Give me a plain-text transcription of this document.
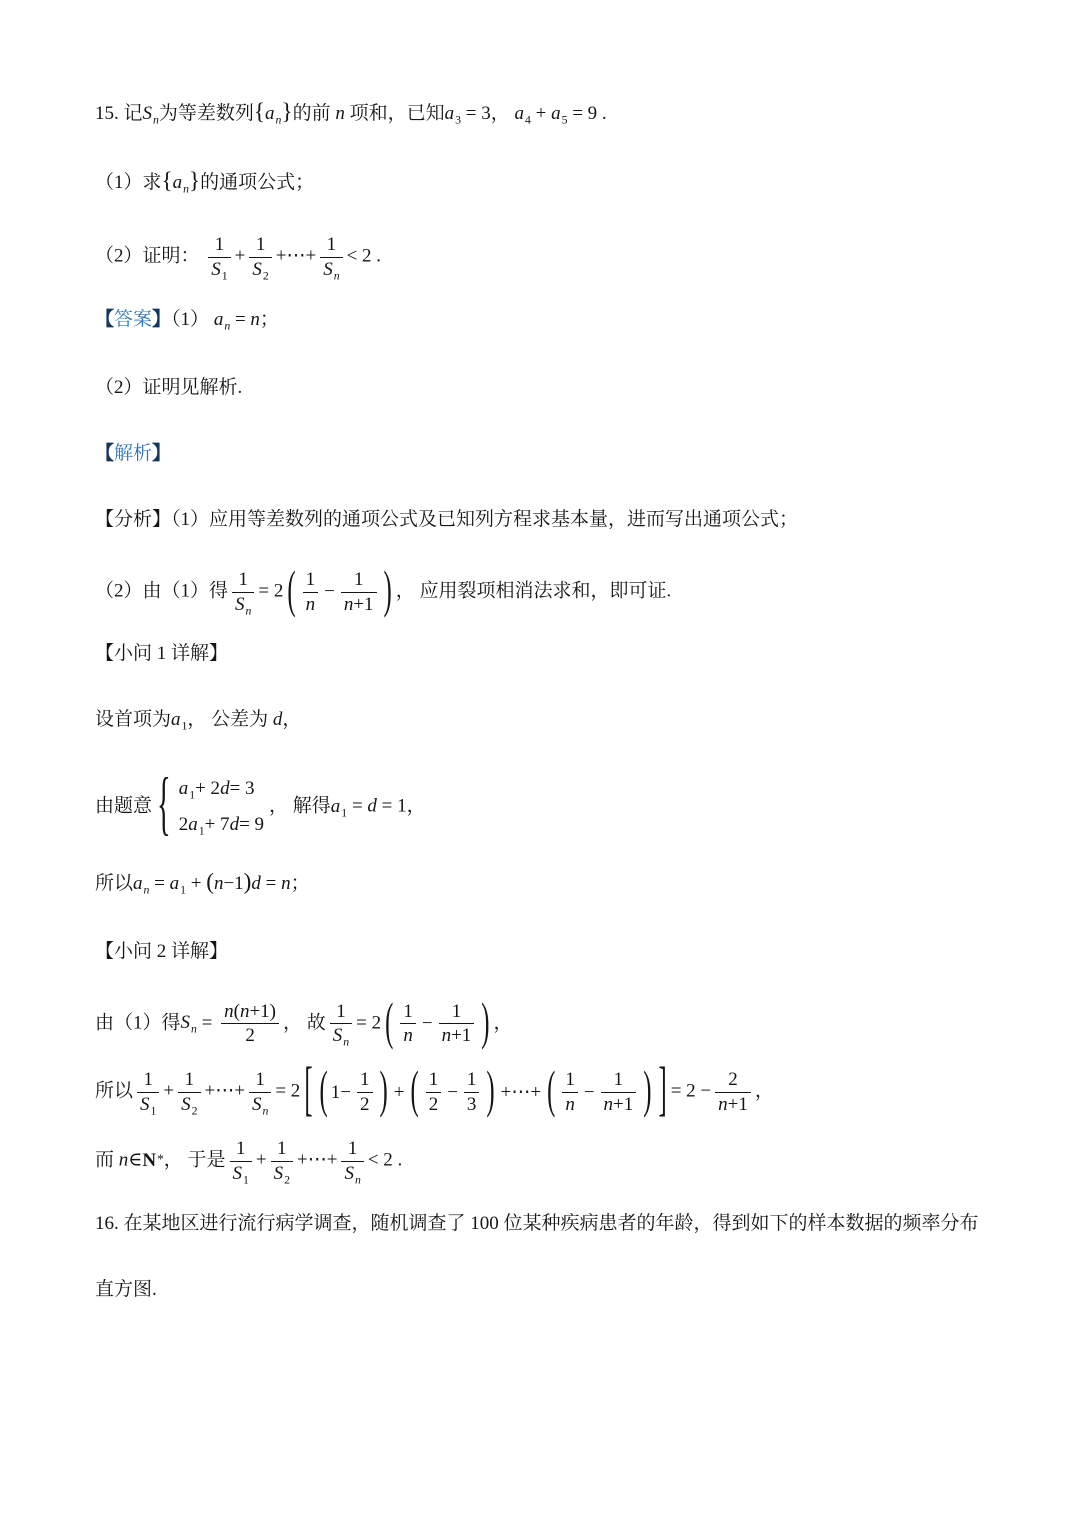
15. 记Sn为等差数列{an}的前 n 项和，已知a3 = 3， a4 + a5 = 9 .
（1）求{an}的通项公式；
（2）证明： $\frac{1}{S1} + \frac{1}{S2}$ +⋯+ $\frac{1}{Sn} < 2$ .
【答案】（1） an = n；
（2）证明见解析.
【解析】
【分析】（1）应用等差数列的通项公式及已知列方程求基本量，进而写出通项公式；
（2）由（1）得 $\frac{1}{Sn} = 2$ ( $\frac{1}{n} - \frac{1}{n +1}$ ) ， 应用裂项相消法求和，即可证.
【小问 1 详解】
设首项为a1， 公差为 d，
由题意 { a1 + 2 d = 3
2 a1 + 7 d = 9
， 解得a1 = d = 1，
所以an = a1 + (n−1)d = n；
【小问 2 详解】
由（1）得$Sn = \frac{n ( n +1 )}{2}$ ， 故 $\frac{1}{Sn} = 2$ ( $\frac{1}{n} - \frac{1}{n +1}$ ) ，
所以 $\frac{1}{S1} + \frac{1}{S2}$ +⋯+ $\frac{1}{Sn} = 2$ [ ( $1- \frac{1}{2}$ ) + ( $\frac{1}{2} - \frac{1}{3}$ ) +⋯+ ( $\frac{1}{n} - \frac{1}{n +1}$ ) ] = $2 - \frac{2}{n +1}$ ，
而 n∈N*， 于是 $\frac{1}{S1} + \frac{1}{S2}$ +⋯+ $\frac{1}{Sn} < 2$ .
16. 在某地区进行流行病学调查，随机调查了 100 位某种疾病患者的年龄，得到如下的样本数据的频率分布
直方图.
